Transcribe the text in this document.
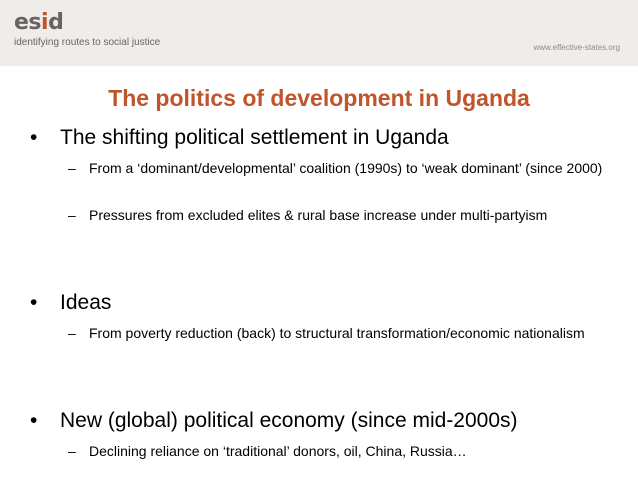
esid
identifying routes to social justice	www.effective-states.org
The politics of development in Uganda
• The shifting political settlement in Uganda
– From a ‘dominant/developmental’ coalition (1990s) to ‘weak dominant’ (since 2000)
– Pressures from excluded elites & rural base increase under multi-partyism
• Ideas
– From poverty reduction (back) to structural transformation/economic nationalism
• New (global) political economy (since mid-2000s)
– Declining reliance on ‘traditional’ donors, oil, China, Russia…
